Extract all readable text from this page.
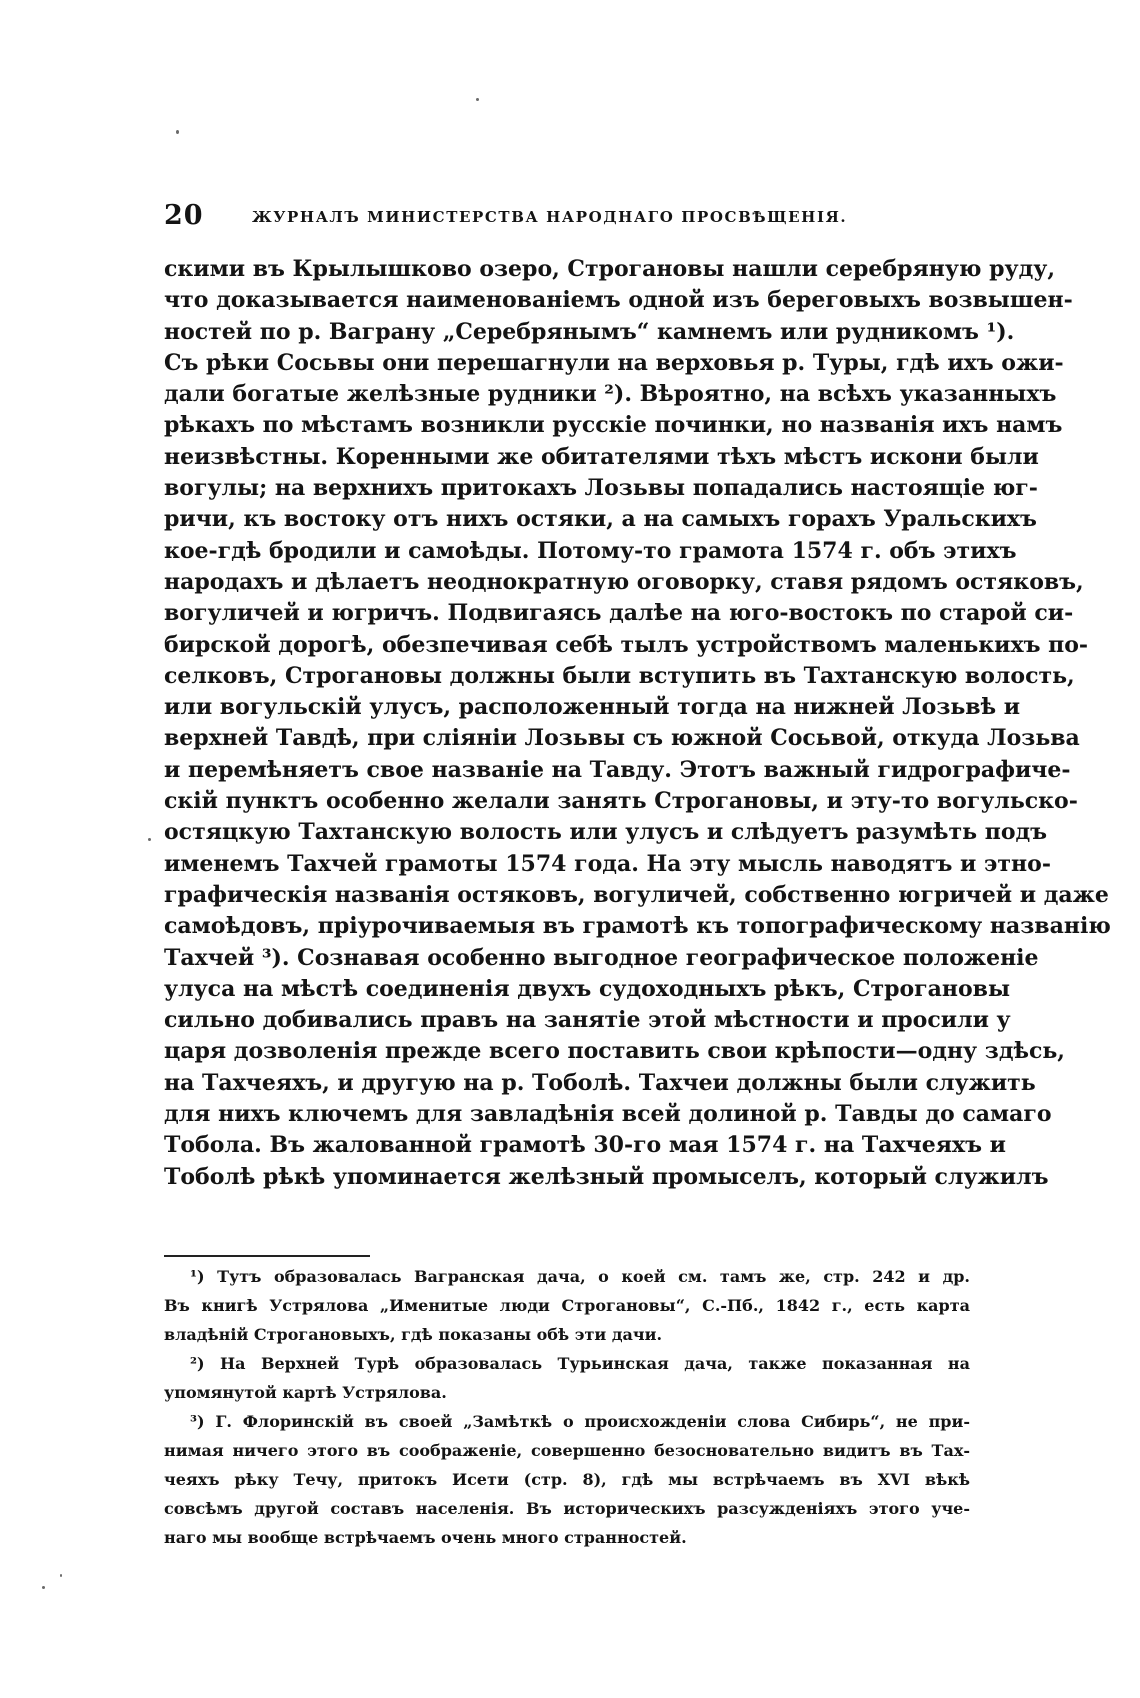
20	ЖУРНАЛЪ МИНИСТЕРСТВА НАРОДНАГО ПРОСВѢЩЕНІЯ.
скими въ Крылышково озеро, Строгановы нашли серебряную руду,
что доказывается наименованіемъ одной изъ береговыхъ возвышен-
ностей по р. Вагрaну „Серебрянымъ“ камнемъ или рудникомъ ¹).
Съ рѣки Сосьвы они перешагнули на верховья р. Туры, гдѣ ихъ ожи-
дали богатые желѣзные рудники ²). Вѣроятно, на всѣхъ указанныхъ
рѣкахъ по мѣстамъ возникли русскіе починки, но названія ихъ намъ
неизвѣстны. Коренными же обитателями тѣхъ мѣстъ искони были
вогулы; на верхнихъ притокахъ Лозьвы попадались настоящіе юг-
ричи, къ востоку отъ нихъ остяки, а на самыхъ горахъ Уральскихъ
кое-гдѣ бродили и самоѣды. Потому-то грамота 1574 г. объ этихъ
народахъ и дѣлаетъ неоднократную оговорку, ставя рядомъ остяковъ,
вогуличей и югричъ. Подвигаясь далѣе на юго-востокъ по старой си-
бирской дорогѣ, обезпечивая себѣ тылъ устройствомъ маленькихъ по-
селковъ, Строгановы должны были вступить въ Тахтанскую волость,
или вогульскій улусъ, расположенный тогда на нижней Лозьвѣ и
верхней Тавдѣ, при сліяніи Лозьвы съ южной Сосьвой, откуда Лозьва
и перемѣняетъ свое названіе на Тавду. Этотъ важный гидрографиче-
скій пунктъ особенно желали занять Строгановы, и эту-то вогульско-
остяцкую Тахтанскую волость или улусъ и слѣдуетъ разумѣть подъ
именемъ Тахчей грамоты 1574 года. На эту мысль наводятъ и этно-
графическія названія остяковъ, вогуличей, собственно югричей и даже
самоѣдовъ, пріурочиваемыя въ грамотѣ къ топографическому названію
Тахчей ³). Сознавая особенно выгодное географическое положеніе
улуса на мѣстѣ соединенія двухъ судоходныхъ рѣкъ, Строгановы
сильно добивались правъ на занятіе этой мѣстности и просили у
царя дозволенія прежде всего поставить свои крѣпости—одну здѣсь,
на Тахчеяхъ, и другую на р. Тоболѣ. Тахчеи должны были служить
для нихъ ключемъ для завладѣнія всей долиной р. Тавды до самаго
Тобола. Въ жалованной грамотѣ 30-го мая 1574 г. на Тахчеяхъ и
Тоболѣ рѣкѣ упоминается желѣзный промыселъ, который служилъ
¹) Тутъ образовалась Вагранская дача, о коей см. тамъ же, стр. 242 и др.
Въ книгѣ Устрялова „Именитые люди Строгановы“, С.-Пб., 1842 г., есть карта
владѣній Строгановыхъ, гдѣ показаны обѣ эти дачи.
²) На Верхней Турѣ образовалась Турьинская дача, также показанная на
упомянутой картѣ Устрялова.
³) Г. Флоринскій въ своей „Замѣткѣ о происхожденіи слова Сибирь“, не при-
нимая ничего этого въ соображеніе, совершенно безосновательно видитъ въ Тах-
чеяхъ рѣку Течу, притокъ Исети (стр. 8), гдѣ мы встрѣчаемъ въ XVI вѣкѣ
совсѣмъ другой составъ населенія. Въ историческихъ разсужденіяхъ этого уче-
наго мы вообще встрѣчаемъ очень много странностей.
